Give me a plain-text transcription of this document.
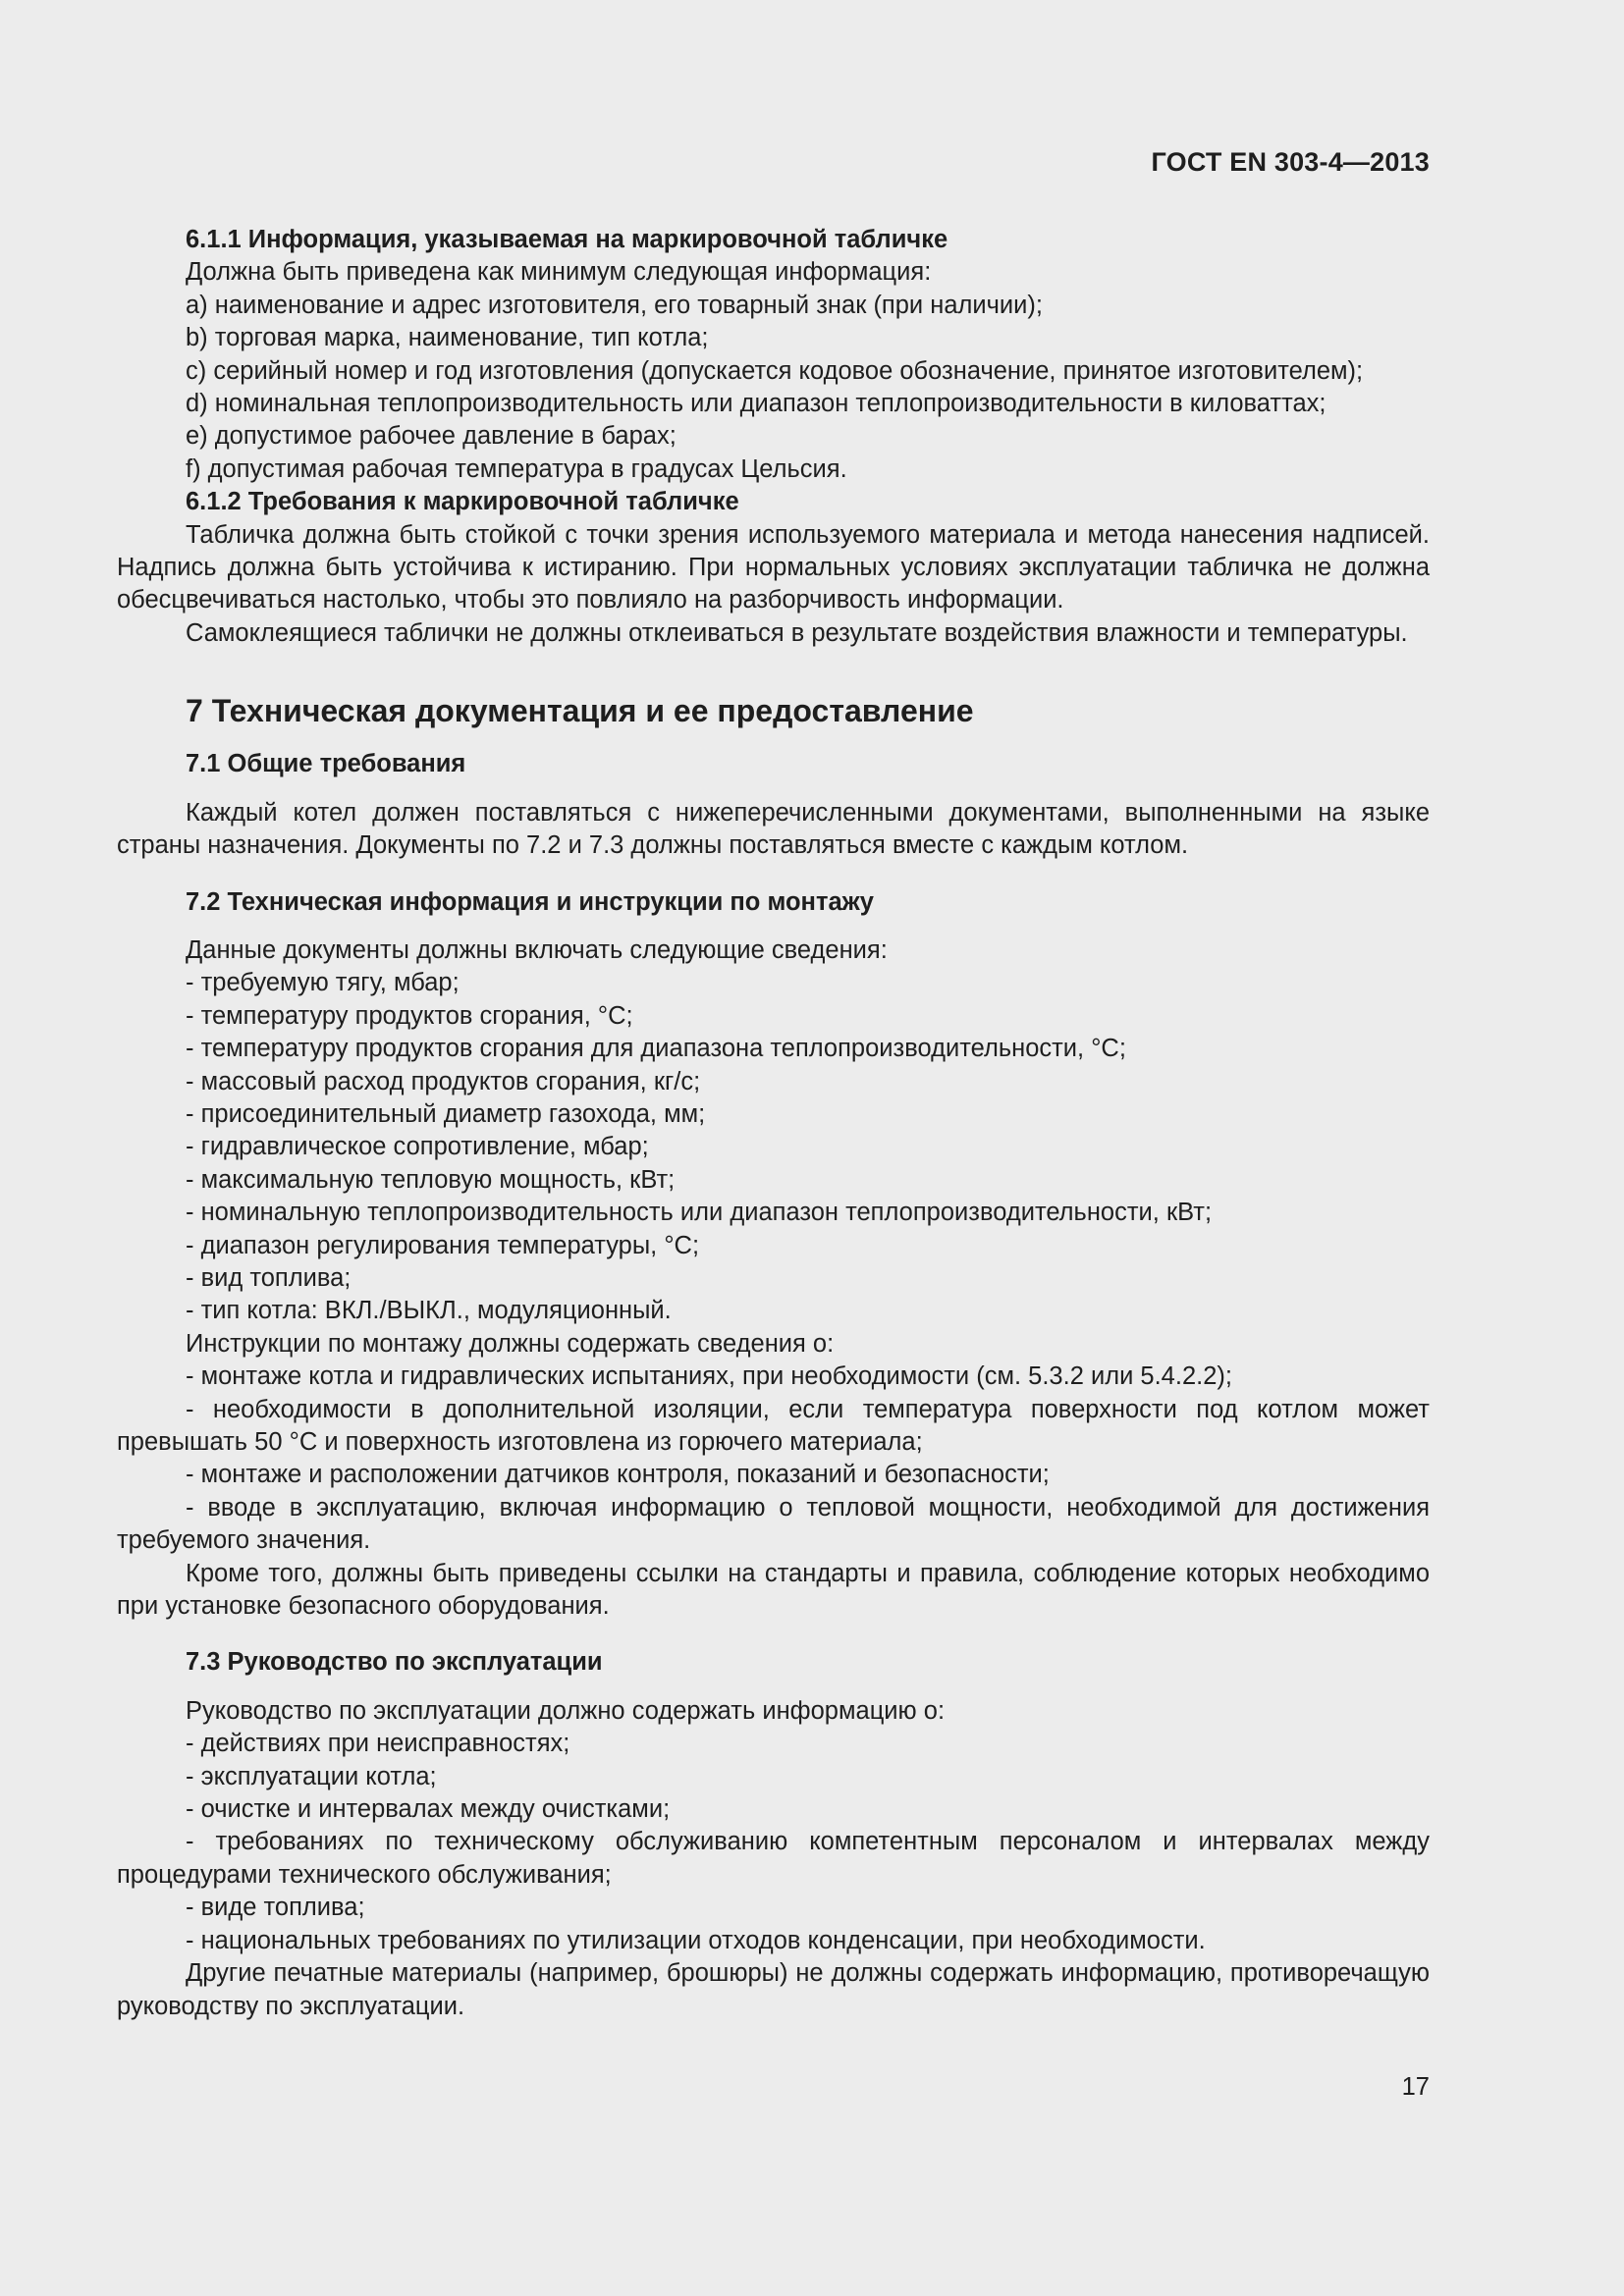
ГОСТ EN 303-4—2013

6.1.1 Информация, указываемая на маркировочной табличке

Должна быть приведена как минимум следующая информация:

a) наименование и адрес изготовителя, его товарный знак (при наличии);

b) торговая марка, наименование, тип котла;

c) серийный номер и год изготовления (допускается кодовое обозначение, принятое изготовителем);

d) номинальная теплопроизводительность или диапазон теплопроизводительности в киловаттах;

e) допустимое рабочее давление в барах;

f) допустимая рабочая температура в градусах Цельсия.

6.1.2 Требования к маркировочной табличке

Табличка должна быть стойкой с точки зрения используемого материала и метода нанесения надписей. Надпись должна быть устойчива к истиранию. При нормальных условиях эксплуатации табличка не должна обесцвечиваться настолько, чтобы это повлияло на разборчивость информации.

Самоклеящиеся таблички не должны отклеиваться в результате воздействия влажности и температуры.

7 Техническая документация и ее предоставление

7.1 Общие требования

Каждый котел должен поставляться с нижеперечисленными документами, выполненными на языке страны назначения. Документы по 7.2 и 7.3 должны поставляться вместе с каждым котлом.

7.2 Техническая информация и инструкции по монтажу

Данные документы должны включать следующие сведения:

- требуемую тягу, мбар;

- температуру продуктов сгорания, °С;

- температуру продуктов сгорания для диапазона теплопроизводительности, °С;

- массовый расход продуктов сгорания, кг/с;

- присоединительный диаметр газохода, мм;

- гидравлическое сопротивление, мбар;

- максимальную тепловую мощность, кВт;

- номинальную теплопроизводительность или диапазон теплопроизводительности, кВт;

- диапазон регулирования температуры, °С;

- вид топлива;

- тип котла: ВКЛ./ВЫКЛ., модуляционный.

Инструкции по монтажу должны содержать сведения о:

- монтаже котла и гидравлических испытаниях, при необходимости (см. 5.3.2 или 5.4.2.2);

- необходимости в дополнительной изоляции, если температура поверхности под котлом может превышать 50 °С и поверхность изготовлена из горючего материала;

- монтаже и расположении датчиков контроля, показаний и безопасности;

- вводе в эксплуатацию, включая информацию о тепловой мощности, необходимой для достижения требуемого значения.

Кроме того, должны быть приведены ссылки на стандарты и правила, соблюдение которых необходимо при установке безопасного оборудования.

7.3 Руководство по эксплуатации

Руководство по эксплуатации должно содержать информацию о:

- действиях при неисправностях;

- эксплуатации котла;

- очистке и интервалах между очистками;

- требованиях по техническому обслуживанию компетентным персоналом и интервалах между процедурами технического обслуживания;

- виде топлива;

- национальных требованиях по утилизации отходов конденсации, при необходимости.

Другие печатные материалы (например, брошюры) не должны содержать информацию, противоречащую руководству по эксплуатации.

17
